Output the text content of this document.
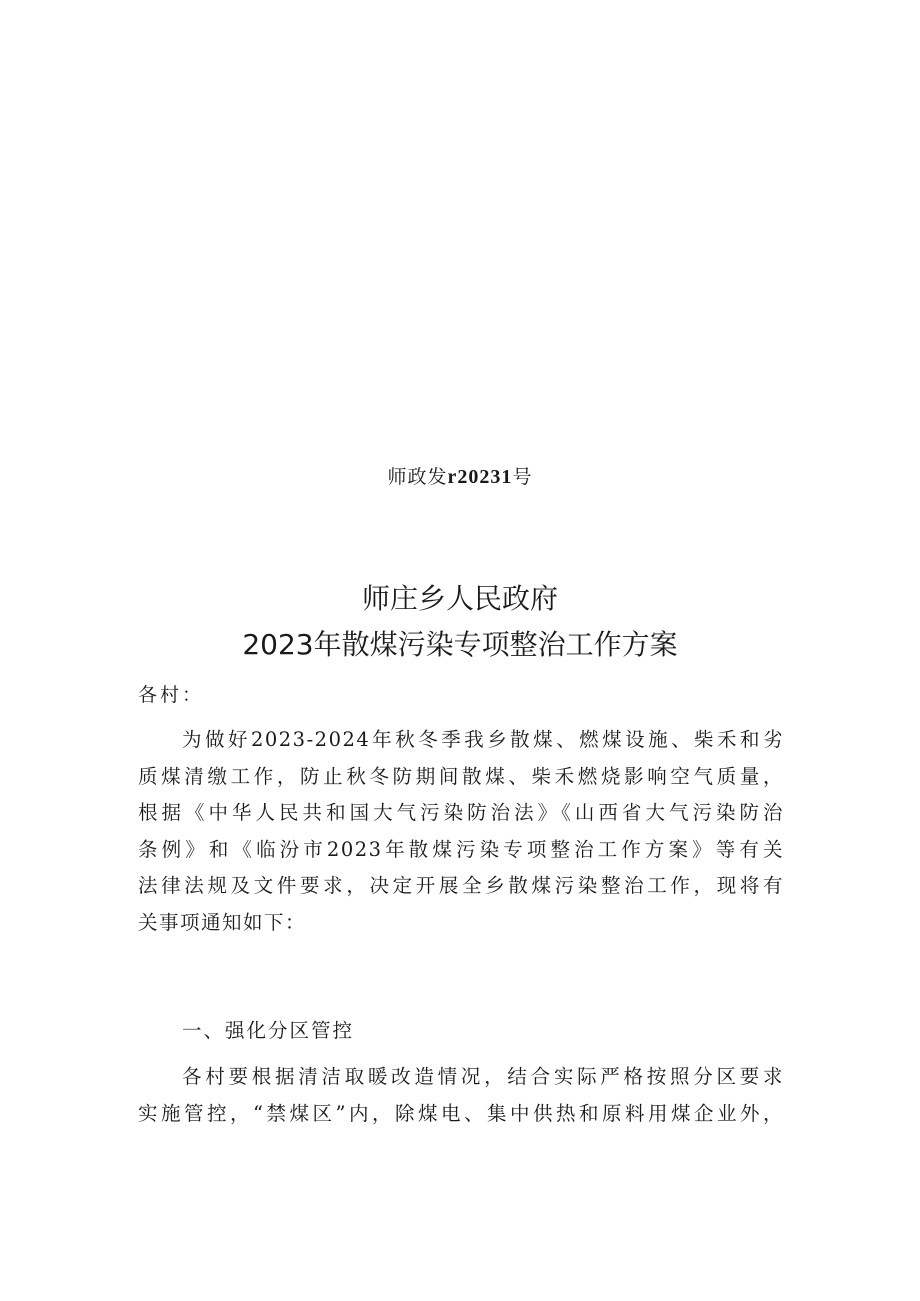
师政发r20231号
师庄乡人民政府
2023年散煤污染专项整治工作方案
各村：
为做好2023-2024年秋冬季我乡散煤、燃煤设施、柴禾和劣
质煤清缴工作，防止秋冬防期间散煤、柴禾燃烧影响空气质量，
根据《中华人民共和国大气污染防治法》《山西省大气污染防治
条例》和《临汾市2023年散煤污染专项整治工作方案》等有关
法律法规及文件要求，决定开展全乡散煤污染整治工作，现将有
关事项通知如下：
一、强化分区管控
各村要根据清洁取暖改造情况，结合实际严格按照分区要求
实施管控，“禁煤区”内，除煤电、集中供热和原料用煤企业外，
